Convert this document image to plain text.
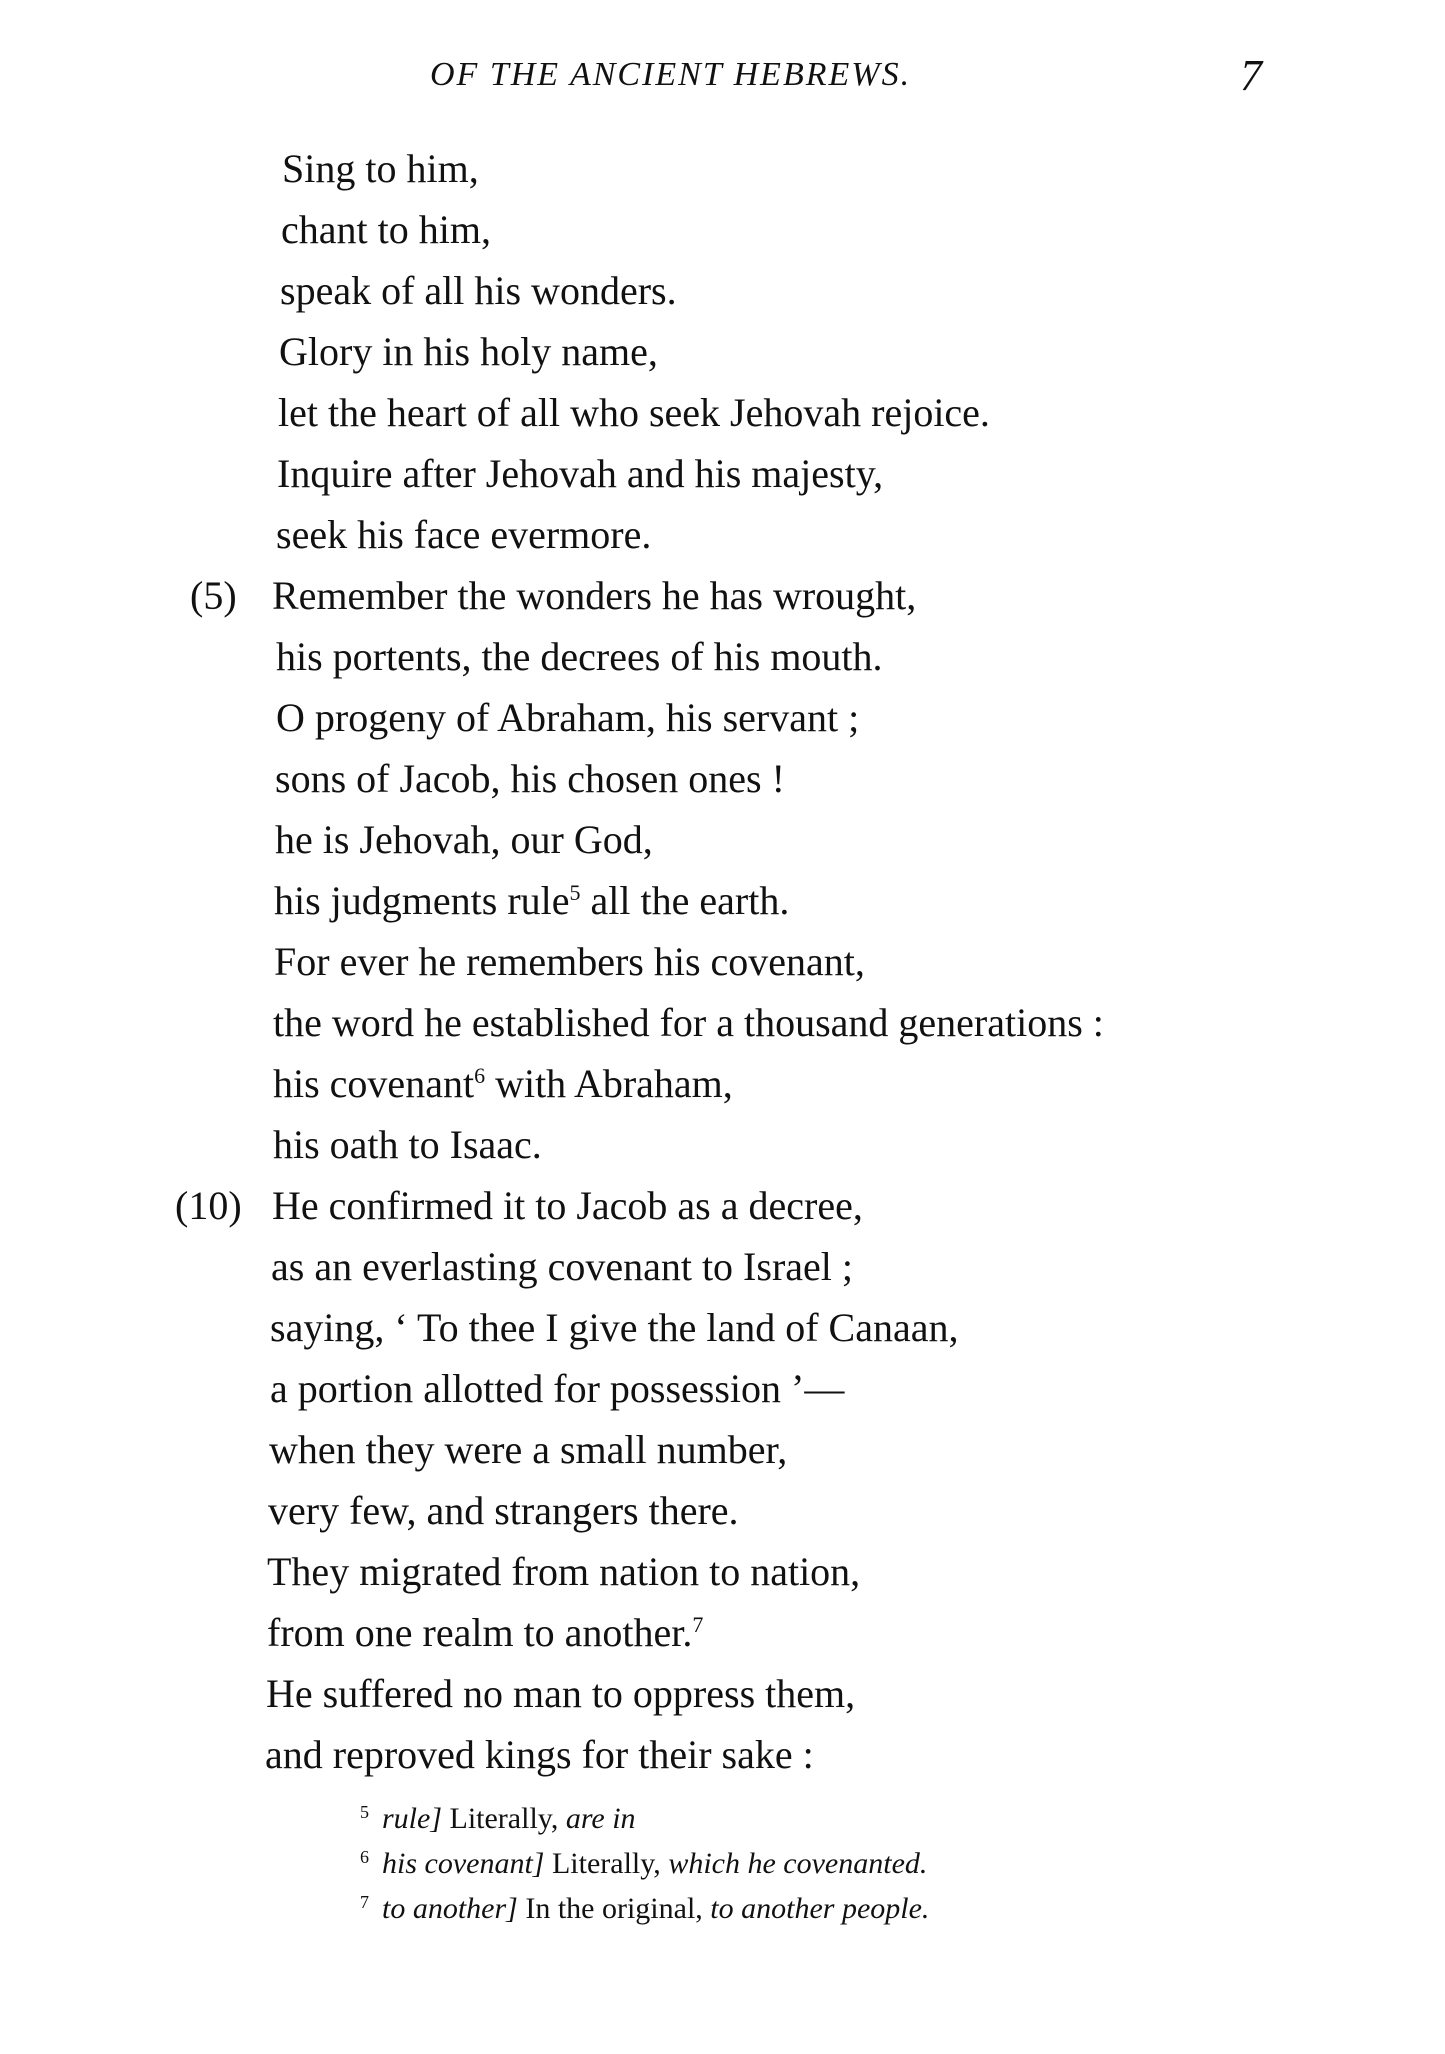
OF THE ANCIENT HEBREWS.	7
Sing to him,
chant to him,
speak of all his wonders.
Glory in his holy name,
let the heart of all who seek Jehovah rejoice.
Inquire after Jehovah and his majesty,
seek his face evermore.
(5) Remember the wonders he has wrought,
his portents, the decrees of his mouth.
O progeny of Abraham, his servant ;
sons of Jacob, his chosen ones !
he is Jehovah, our God,
his judgments rule$^5$ all the earth.
For ever he remembers his covenant,
the word he established for a thousand generations :
his covenant$^6$ with Abraham,
his oath to Isaac.
(10) He confirmed it to Jacob as a decree,
as an everlasting covenant to Israel ;
saying, ‘ To thee I give the land of Canaan,
a portion allotted for possession ’—
when they were a small number,
very few, and strangers there.
They migrated from nation to nation,
from one realm to another.$^7$
He suffered no man to oppress them,
and reproved kings for their sake :
5 rule] Literally, are in
6 his covenant] Literally, which he covenanted.
7 to another] In the original, to another people.
